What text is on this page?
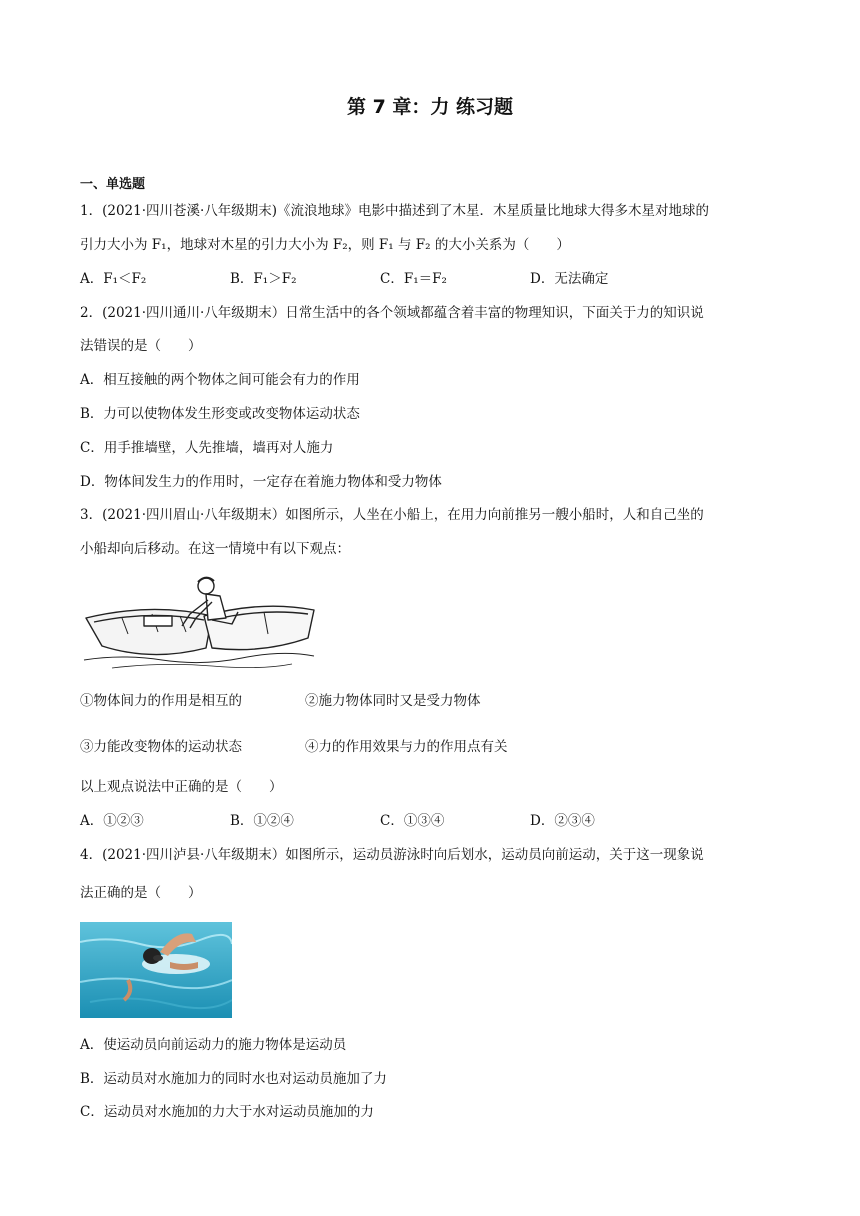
第 7 章：力 练习题
一、单选题
1．(2021·四川苍溪·八年级期末)《流浪地球》电影中描述到了木星．木星质量比地球大得多木星对地球的
引力大小为 F₁，地球对木星的引力大小为 F₂，则 F₁ 与 F₂ 的大小关系为（　　）
A．F₁＜F₂	B．F₁＞F₂	C．F₁＝F₂	D．无法确定
2．(2021·四川通川·八年级期末）日常生活中的各个领域都蕴含着丰富的物理知识，下面关于力的知识说
法错误的是（　　）
A．相互接触的两个物体之间可能会有力的作用
B．力可以使物体发生形变或改变物体运动状态
C．用手推墙壁，人先推墙，墙再对人施力
D．物体间发生力的作用时，一定存在着施力物体和受力物体
3．(2021·四川眉山·八年级期末）如图所示，人坐在小船上，在用力向前推另一艘小船时，人和自己坐的
小船却向后移动。在这一情境中有以下观点：
①物体间力的作用是相互的	②施力物体同时又是受力物体
③力能改变物体的运动状态	④力的作用效果与力的作用点有关
以上观点说法中正确的是（　　）
A．①②③	B．①②④	C．①③④	D．②③④
4．(2021·四川泸县·八年级期末）如图所示，运动员游泳时向后划水，运动员向前运动，关于这一现象说
法正确的是（　　）
A．使运动员向前运动力的施力物体是运动员
B．运动员对水施加力的同时水也对运动员施加了力
C．运动员对水施加的力大于水对运动员施加的力
